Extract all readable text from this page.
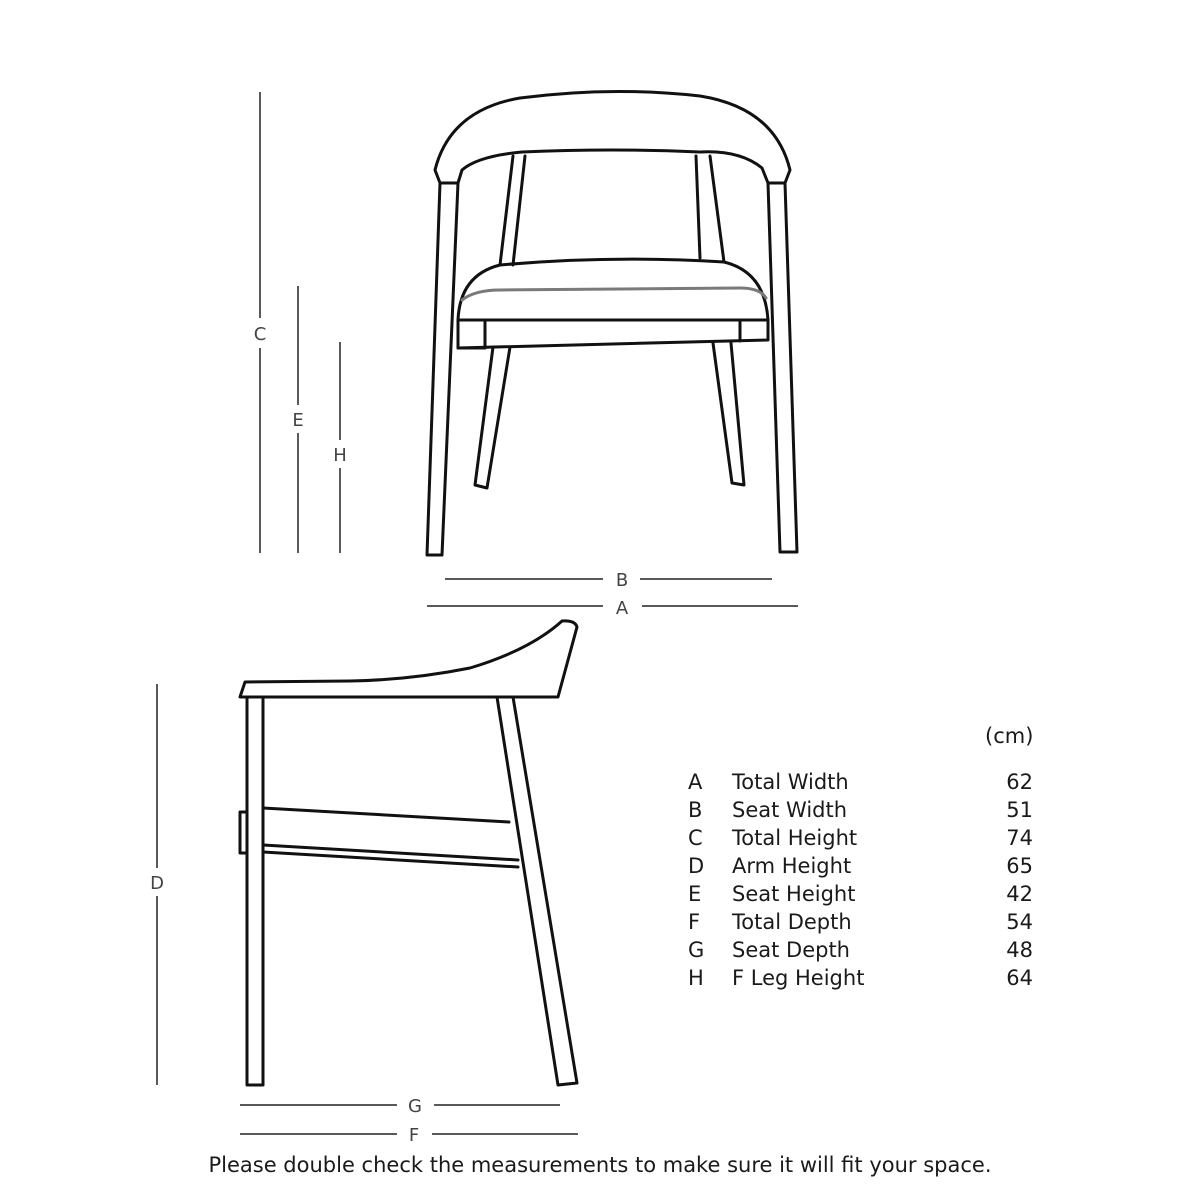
C
E
H
B
A
D
G
F
(cm)
A	Total Width	62
B	Seat Width	51
C	Total Height	74
D	Arm Height	65
E	Seat Height	42
F	Total Depth	54
G	Seat Depth	48
H	F Leg Height	64
Please double check the measurements to make sure it will fit your space.
